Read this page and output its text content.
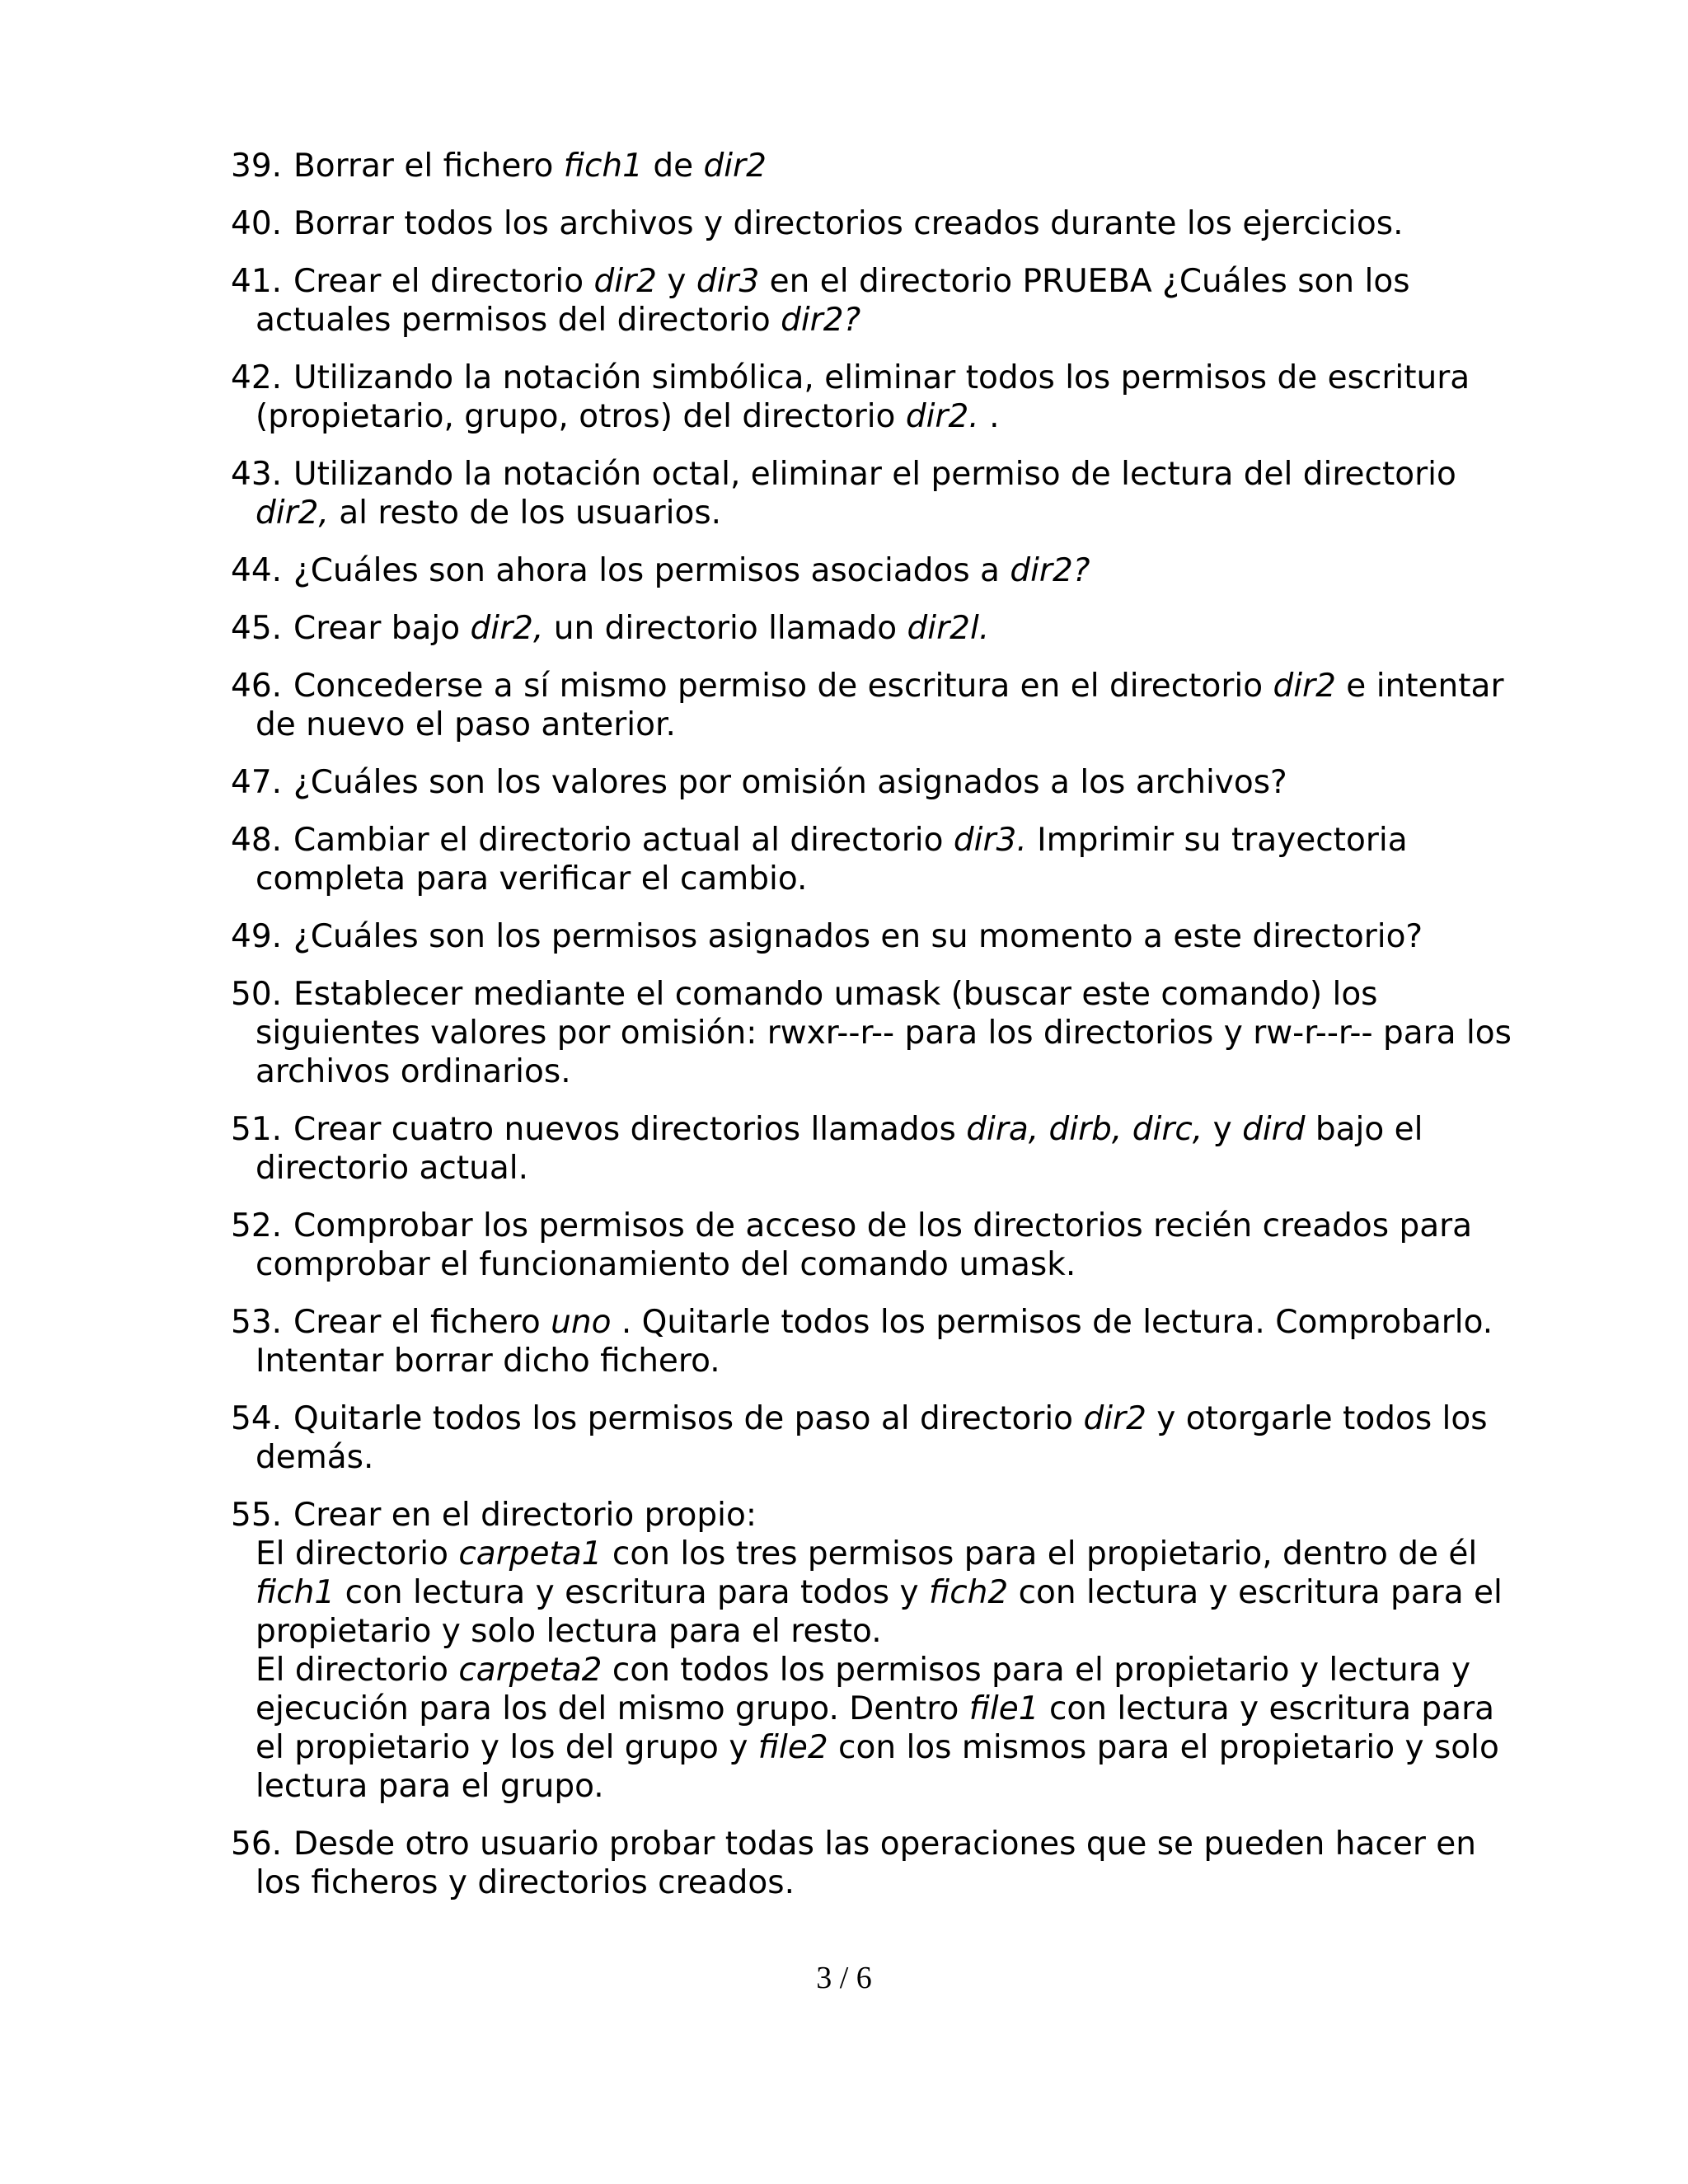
39. Borrar el fichero fich1 de dir2
40. Borrar todos los archivos y directorios creados durante los ejercicios.
41. Crear el directorio dir2 y dir3 en el directorio PRUEBA ¿Cuáles son los actuales permisos del directorio dir2?
42. Utilizando la notación simbólica, eliminar todos los permisos de escritura (propietario, grupo, otros) del directorio dir2. .
43. Utilizando la notación octal, eliminar el permiso de lectura del directorio dir2, al resto de los usuarios.
44. ¿Cuáles son ahora los permisos asociados a dir2?
45. Crear bajo dir2, un directorio llamado dir2l.
46. Concederse a sí mismo permiso de escritura en el directorio dir2 e intentar de nuevo el paso anterior.
47. ¿Cuáles son los valores por omisión asignados a los archivos?
48. Cambiar el directorio actual al directorio dir3. Imprimir su trayectoria completa para verificar el cambio.
49. ¿Cuáles son los permisos asignados en su momento a este directorio?
50. Establecer mediante el comando umask (buscar este comando) los siguientes valores por omisión: rwxr--r-- para los directorios y rw-r--r-- para los archivos ordinarios.
51. Crear cuatro nuevos directorios llamados dira, dirb, dirc, y dird bajo el directorio actual.
52. Comprobar los permisos de acceso de los directorios recién creados para comprobar el funcionamiento del comando umask.
53. Crear el fichero uno . Quitarle todos los permisos de lectura. Comprobarlo. Intentar borrar dicho fichero.
54. Quitarle todos los permisos de paso al directorio dir2 y otorgarle todos los demás.
55. Crear en el directorio propio:
El directorio carpeta1 con los tres permisos para el propietario, dentro de él fich1 con lectura y escritura para todos y fich2 con lectura y escritura para el propietario y solo lectura para el resto.
El directorio carpeta2 con todos los permisos para el propietario y lectura y ejecución para los del mismo grupo. Dentro file1 con lectura y escritura para el propietario y los del grupo y file2 con los mismos para el propietario y solo lectura para el grupo.
56. Desde otro usuario probar todas las operaciones que se pueden hacer en los ficheros y directorios creados.
3 / 6
